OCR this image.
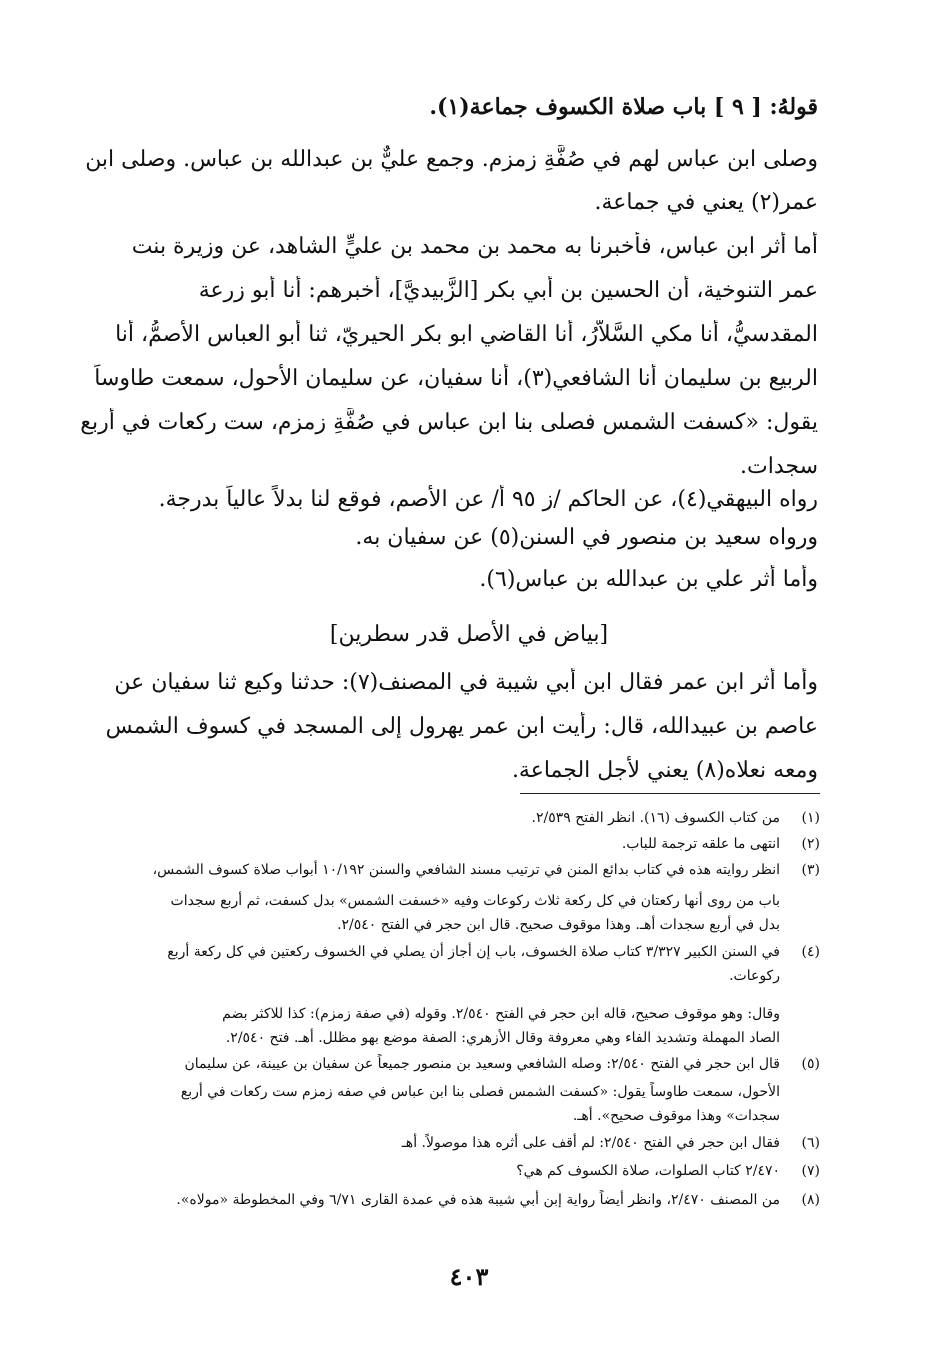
قولهُ: [ ٩ ] باب صلاة الكسوف جماعة(١).
وصلى ابن عباس لهم في صُفَّةِ زمزم. وجمع عليٌّ بن عبدالله بن عباس. وصلى ابن
عمر(٢) يعني في جماعة.
أما أثر ابن عباس، فأخبرنا به محمد بن محمد بن عليٍّ الشاهد، عن وزيرة بنت
عمر التنوخية، أن الحسين بن أبي بكر [الزَّبيديَّ]، أخبرهم: أنا أبو زرعة
المقدسيُّ، أنا مكي السَّلاَّرُ، أنا القاضي ابو بكر الحيريّ، ثنا أبو العباس الأصمُّ، أنا
الربيع بن سليمان أنا الشافعي(٣)، أنا سفيان، عن سليمان الأحول، سمعت طاوساً
يقول: «كسفت الشمس فصلى بنا ابن عباس في صُفَّةِ زمزم، ست ركعات في أربع
سجدات.
رواه البيهقي(٤)، عن الحاكم /ز ٩٥ أ/ عن الأصم، فوقع لنا بدلاً عالياً بدرجة.
ورواه سعيد بن منصور في السنن(٥) عن سفيان به.
وأما أثر علي بن عبدالله بن عباس(٦).
[بياض في الأصل قدر سطرين]
وأما أثر ابن عمر فقال ابن أبي شيبة في المصنف(٧): حدثنا وكيع ثنا سفيان عن
عاصم بن عبيدالله، قال: رأيت ابن عمر يهرول إلى المسجد في كسوف الشمس
ومعه نعلاه(٨) يعني لأجل الجماعة.
(١)من كتاب الكسوف (١٦). انظر الفتح ٢/٥٣٩.
(٢)انتهى ما علقه ترجمة للباب.
(٣)انظر روايته هذه في كتاب بدائع المنن في ترتيب مسند الشافعي والسنن ١٠/١٩٢ أبواب صلاة كسوف الشمس،
باب من روى أنها ركعتان في كل ركعة ثلاث ركوعات وفيه «خسفت الشمس» بدل كسفت، ثم أربع سجدات
بدل في أربع سجدات أهـ. وهذا موقوف صحيح. قال ابن حجر في الفتح ٢/٥٤٠.
(٤)في السنن الكبير ٣/٣٢٧ كتاب صلاة الخسوف، باب إن أجاز أن يصلي في الخسوف ركعتين في كل ركعة أربع
ركوعات.
وقال: وهو موقوف صحيح، قاله ابن حجر في الفتح ٢/٥٤٠. وقوله (في صفة زمزم): كذا للاكثر بضم
الصاد المهملة وتشديد الفاء وهي معروفة وقال الأزهري: الصفة موضع بهو مظلل. أهـ. فتح ٢/٥٤٠.
(٥)قال ابن حجر في الفتح ٢/٥٤٠: وصله الشافعي وسعيد بن منصور جميعاً عن سفيان بن عيينة، عن سليمان
الأحول، سمعت طاوساً يقول: «كسفت الشمس فصلى بنا ابن عباس في صفه زمزم ست ركعات في أربع
سجدات» وهذا موقوف صحيح». أهـ.
(٦)فقال ابن حجر في الفتح ٢/٥٤٠: لم أقف على أثره هذا موصولاً. أهـ
(٧)٢/٤٧٠ كتاب الصلوات، صلاة الكسوف كم هي؟
(٨)من المصنف ٢/٤٧٠، وانظر أيضاً رواية إبن أبي شيبة هذه في عمدة القارى ٦/٧١ وفي المخطوطة «مولاه».
٤٠٣
